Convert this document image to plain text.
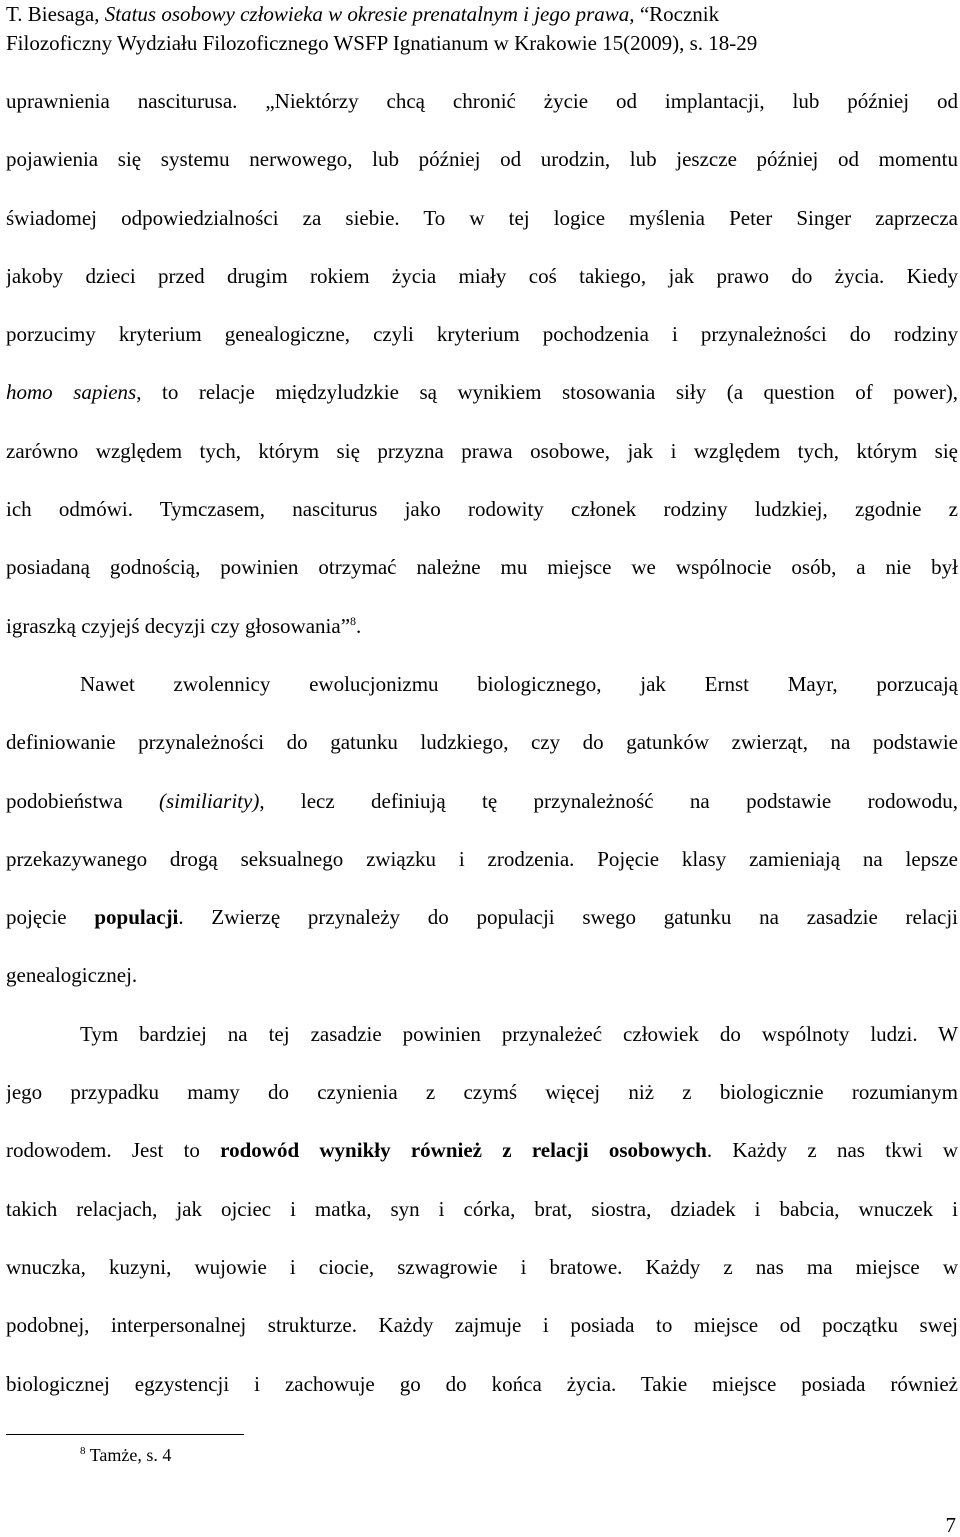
T. Biesaga, Status osobowy człowieka w okresie prenatalnym i jego prawa, “Rocznik
Filozoficzny Wydziału Filozoficznego WSFP Ignatianum w Krakowie 15(2009), s. 18-29
uprawnienia nasciturusa. „Niektórzy chcą chronić życie od implantacji, lub później od
pojawienia się systemu nerwowego, lub później od urodzin, lub jeszcze później od momentu
świadomej odpowiedzialności za siebie. To w tej logice myślenia Peter Singer zaprzecza
jakoby dzieci przed drugim rokiem życia miały coś takiego, jak prawo do życia. Kiedy
porzucimy kryterium genealogiczne, czyli kryterium pochodzenia i przynależności do rodziny
homo sapiens, to relacje międzyludzkie są wynikiem stosowania siły (a question of power),
zarówno względem tych, którym się przyzna prawa osobowe, jak i względem tych, którym się
ich odmówi. Tymczasem, nasciturus jako rodowity członek rodziny ludzkiej, zgodnie z
posiadaną godnością, powinien otrzymać należne mu miejsce we wspólnocie osób, a nie był
igraszką czyjejś decyzji czy głosowania”$^8$.
Nawet zwolennicy ewolucjonizmu biologicznego, jak Ernst Mayr, porzucają
definiowanie przynależności do gatunku ludzkiego, czy do gatunków zwierząt, na podstawie
podobieństwa (similiarity), lecz definiują tę przynależność na podstawie rodowodu,
przekazywanego drogą seksualnego związku i zrodzenia. Pojęcie klasy zamieniają na lepsze
pojęcie populacji. Zwierzę przynależy do populacji swego gatunku na zasadzie relacji
genealogicznej.
Tym bardziej na tej zasadzie powinien przynależeć człowiek do wspólnoty ludzi. W
jego przypadku mamy do czynienia z czymś więcej niż z biologicznie rozumianym
rodowodem. Jest to rodowód wynikły również z relacji osobowych. Każdy z nas tkwi w
takich relacjach, jak ojciec i matka, syn i córka, brat, siostra, dziadek i babcia, wnuczek i
wnuczka, kuzyni, wujowie i ciocie, szwagrowie i bratowe. Każdy z nas ma miejsce w
podobnej, interpersonalnej strukturze. Każdy zajmuje i posiada to miejsce od początku swej
biologicznej egzystencji i zachowuje go do końca życia. Takie miejsce posiada również
$^8$ Tamże, s. 4
7
